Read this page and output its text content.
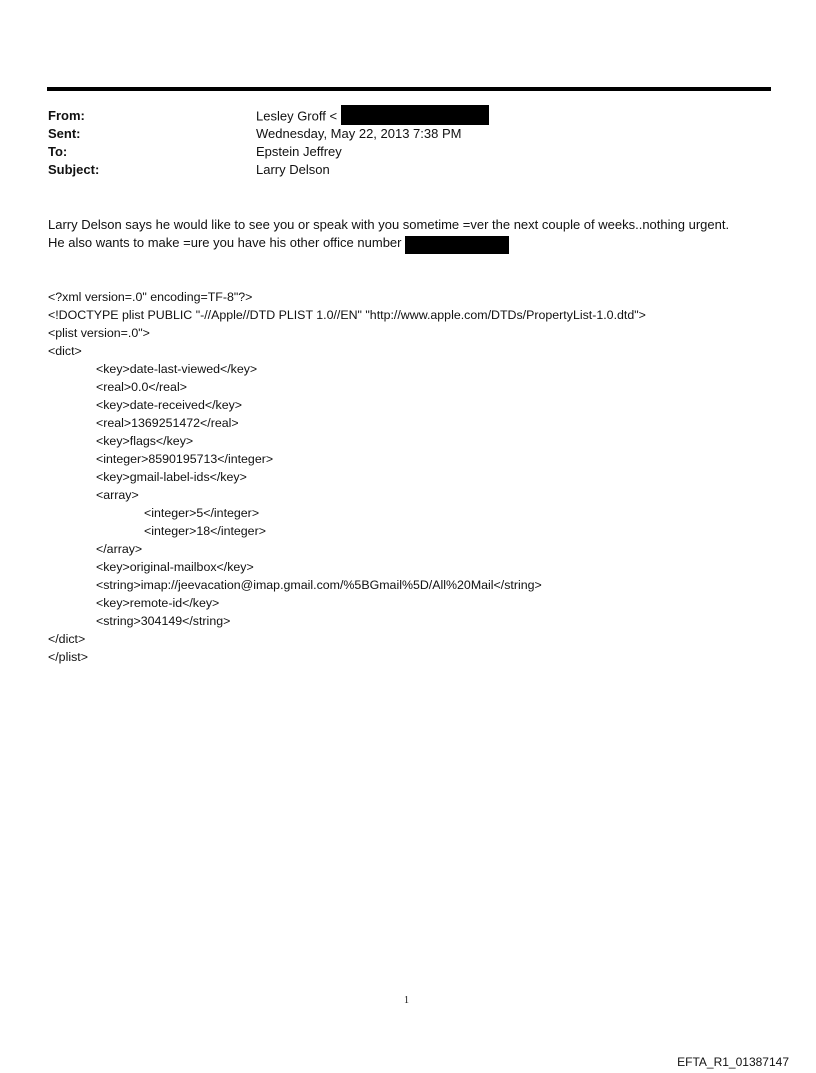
From:	Lesley Groff <
Sent:	Wednesday, May 22, 2013 7:38 PM
To:	Epstein Jeffrey
Subject:	Larry Delson
Larry Delson says he would like to see you or speak with you sometime =ver the next couple of weeks..nothing urgent.
He also wants to make =ure you have his other office number
<?xml version=.0" encoding=TF-8"?>
<!DOCTYPE plist PUBLIC "-//Apple//DTD PLIST 1.0//EN" "http://www.apple.com/DTDs/PropertyList-1.0.dtd">
<plist version=.0">
<dict>
<key>date-last-viewed</key>
<real>0.0</real>
<key>date-received</key>
<real>1369251472</real>
<key>flags</key>
<integer>8590195713</integer>
<key>gmail-label-ids</key>
<array>
<integer>5</integer>
<integer>18</integer>
</array>
<key>original-mailbox</key>
<string>imap://jeevacation@imap.gmail.com/%5BGmail%5D/All%20Mail</string>
<key>remote-id</key>
<string>304149</string>
</dict>
</plist>
1
EFTA_R1_01387147
